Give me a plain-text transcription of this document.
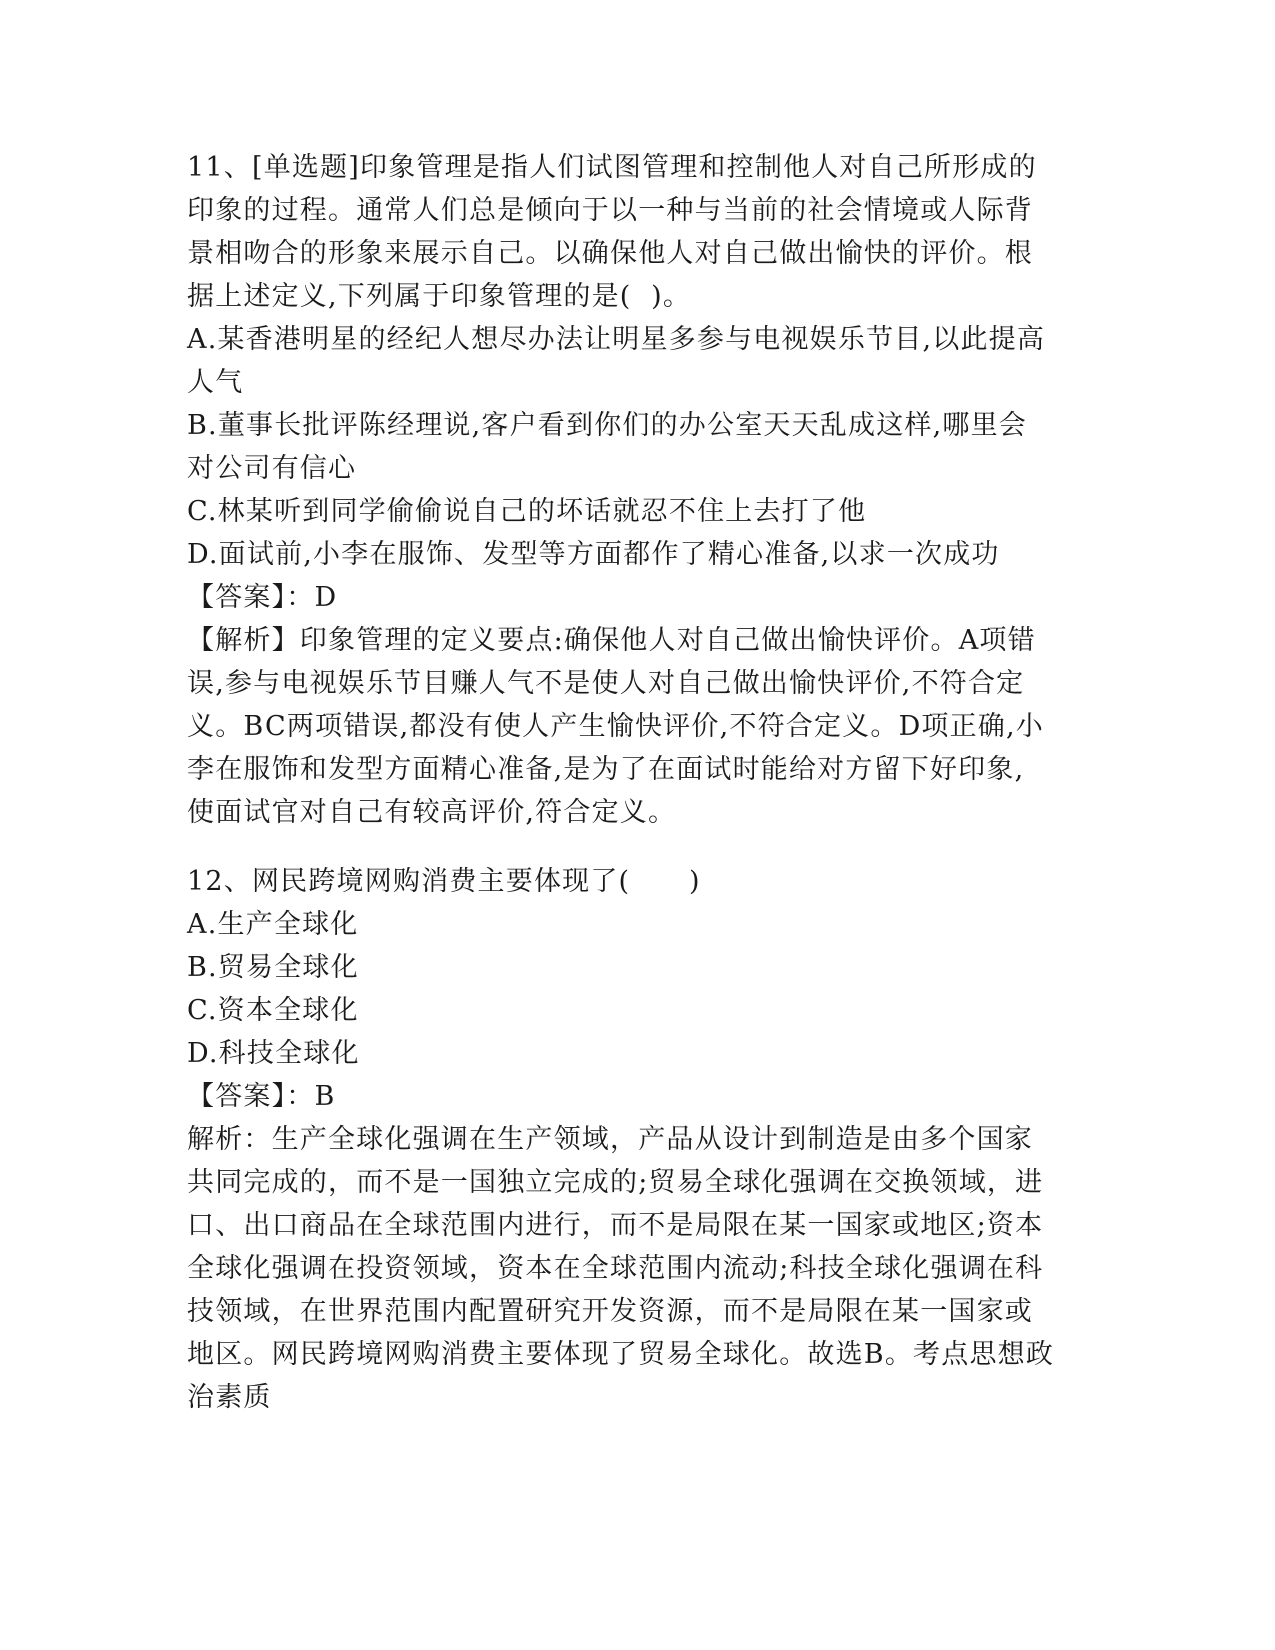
11、[单选题]印象管理是指人们试图管理和控制他人对自己所形成的
印象的过程。通常人们总是倾向于以一种与当前的社会情境或人际背
景相吻合的形象来展示自己。以确保他人对自己做出愉快的评价。根
据上述定义,下列属于印象管理的是(  )。
A.某香港明星的经纪人想尽办法让明星多参与电视娱乐节目,以此提高
人气
B.董事长批评陈经理说,客户看到你们的办公室天天乱成这样,哪里会
对公司有信心
C.林某听到同学偷偷说自己的坏话就忍不住上去打了他
D.面试前,小李在服饰、发型等方面都作了精心准备,以求一次成功
【答案】：D
【解析】印象管理的定义要点:确保他人对自己做出愉快评价。A项错
误,参与电视娱乐节目赚人气不是使人对自己做出愉快评价,不符合定
义。BC两项错误,都没有使人产生愉快评价,不符合定义。D项正确,小
李在服饰和发型方面精心准备,是为了在面试时能给对方留下好印象,
使面试官对自己有较高评价,符合定义。
12、网民跨境网购消费主要体现了(      )
A.生产全球化
B.贸易全球化
C.资本全球化
D.科技全球化
【答案】：B
解析：生产全球化强调在生产领域，产品从设计到制造是由多个国家
共同完成的，而不是一国独立完成的;贸易全球化强调在交换领域，进
口、出口商品在全球范围内进行，而不是局限在某一国家或地区;资本
全球化强调在投资领域，资本在全球范围内流动;科技全球化强调在科
技领域，在世界范围内配置研究开发资源，而不是局限在某一国家或
地区。网民跨境网购消费主要体现了贸易全球化。故选B。考点思想政
治素质
